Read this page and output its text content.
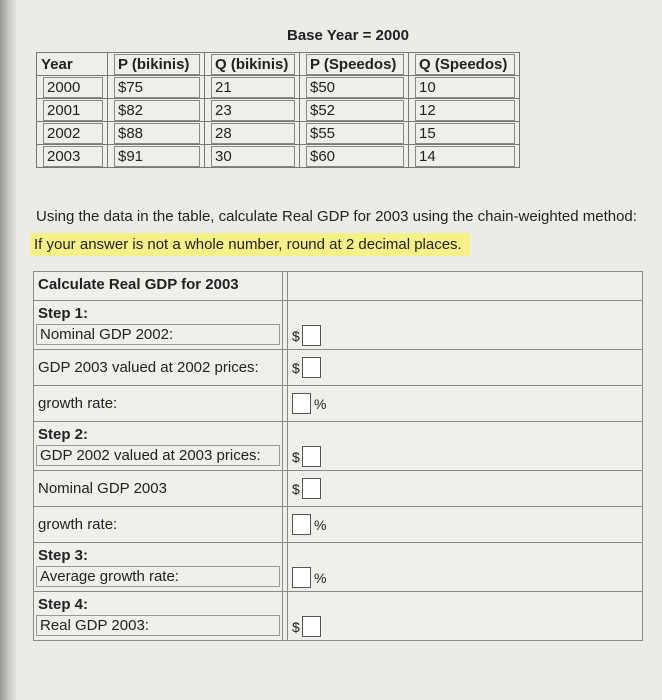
Base Year = 2000
Year	P (bikinis)	Q (bikinis)	P (Speedos)	Q (Speedos)

2000	$75	21	$50	10

2001	$82	23	$52	12

2002	$88	28	$55	15

2003	$91	30	$60	14
Using the data in the table, calculate Real GDP for 2003 using the chain-weighted method:
If your answer is not a whole number, round at 2 decimal places.
Calculate Real GDP for 2003
Step 1:
Nominal GDP 2002:	$
GDP 2003 valued at 2002 prices:	$
growth rate:	%
Step 2:
GDP 2002 valued at 2003 prices:	$
Nominal GDP 2003	$
growth rate:	%
Step 3:
Average growth rate:	%
Step 4:
Real GDP 2003:	$
